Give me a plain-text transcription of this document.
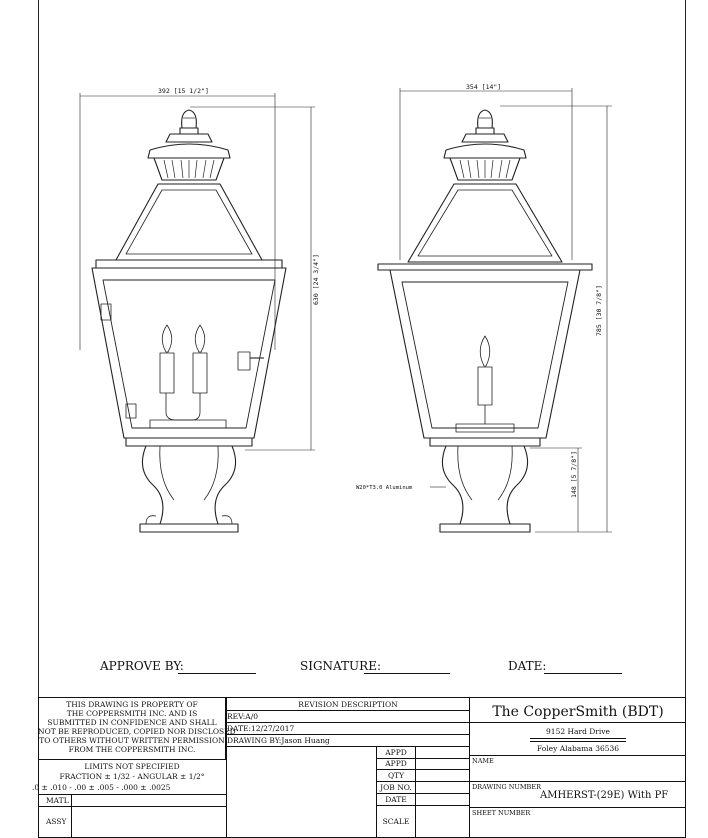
392 [15 1/2"]
630 [24 3/4"]
354 [14"]
785 [30 7/8"]
148 [5 7/8"]
W20*T3.0 Aluminum
APPROVE BY:	SIGNATURE:	DATE:
THIS DRAWING IS PROPERTY OF
THE COPPERSMITH INC. AND IS
SUBMITTED IN CONFIDENCE AND SHALL
NOT BE REPRODUCED, COPIED NOR DISCLOSED
TO OTHERS WITHOUT WRITTEN PERMISSION
FROM THE COPPERSMITH INC.
LIMITS NOT SPECIFIED
FRACTION ± 1/32 - ANGULAR ± 1/2°
.0 ± .010 - .00 ± .005 - .000 ± .0025
MATL
ASSY
REVISION DESCRIPTION
REV:A/0
DATE:12/27/2017
DRAWING BY:Jason Huang
APPD
APPD
QTY
JOB NO.
DATE
SCALE
The CopperSmith (BDT)
9152 Hard Drive
Foley Alabama 36536
NAME
DRAWING NUMBER
AMHERST-(29E) With PF
SHEET NUMBER
